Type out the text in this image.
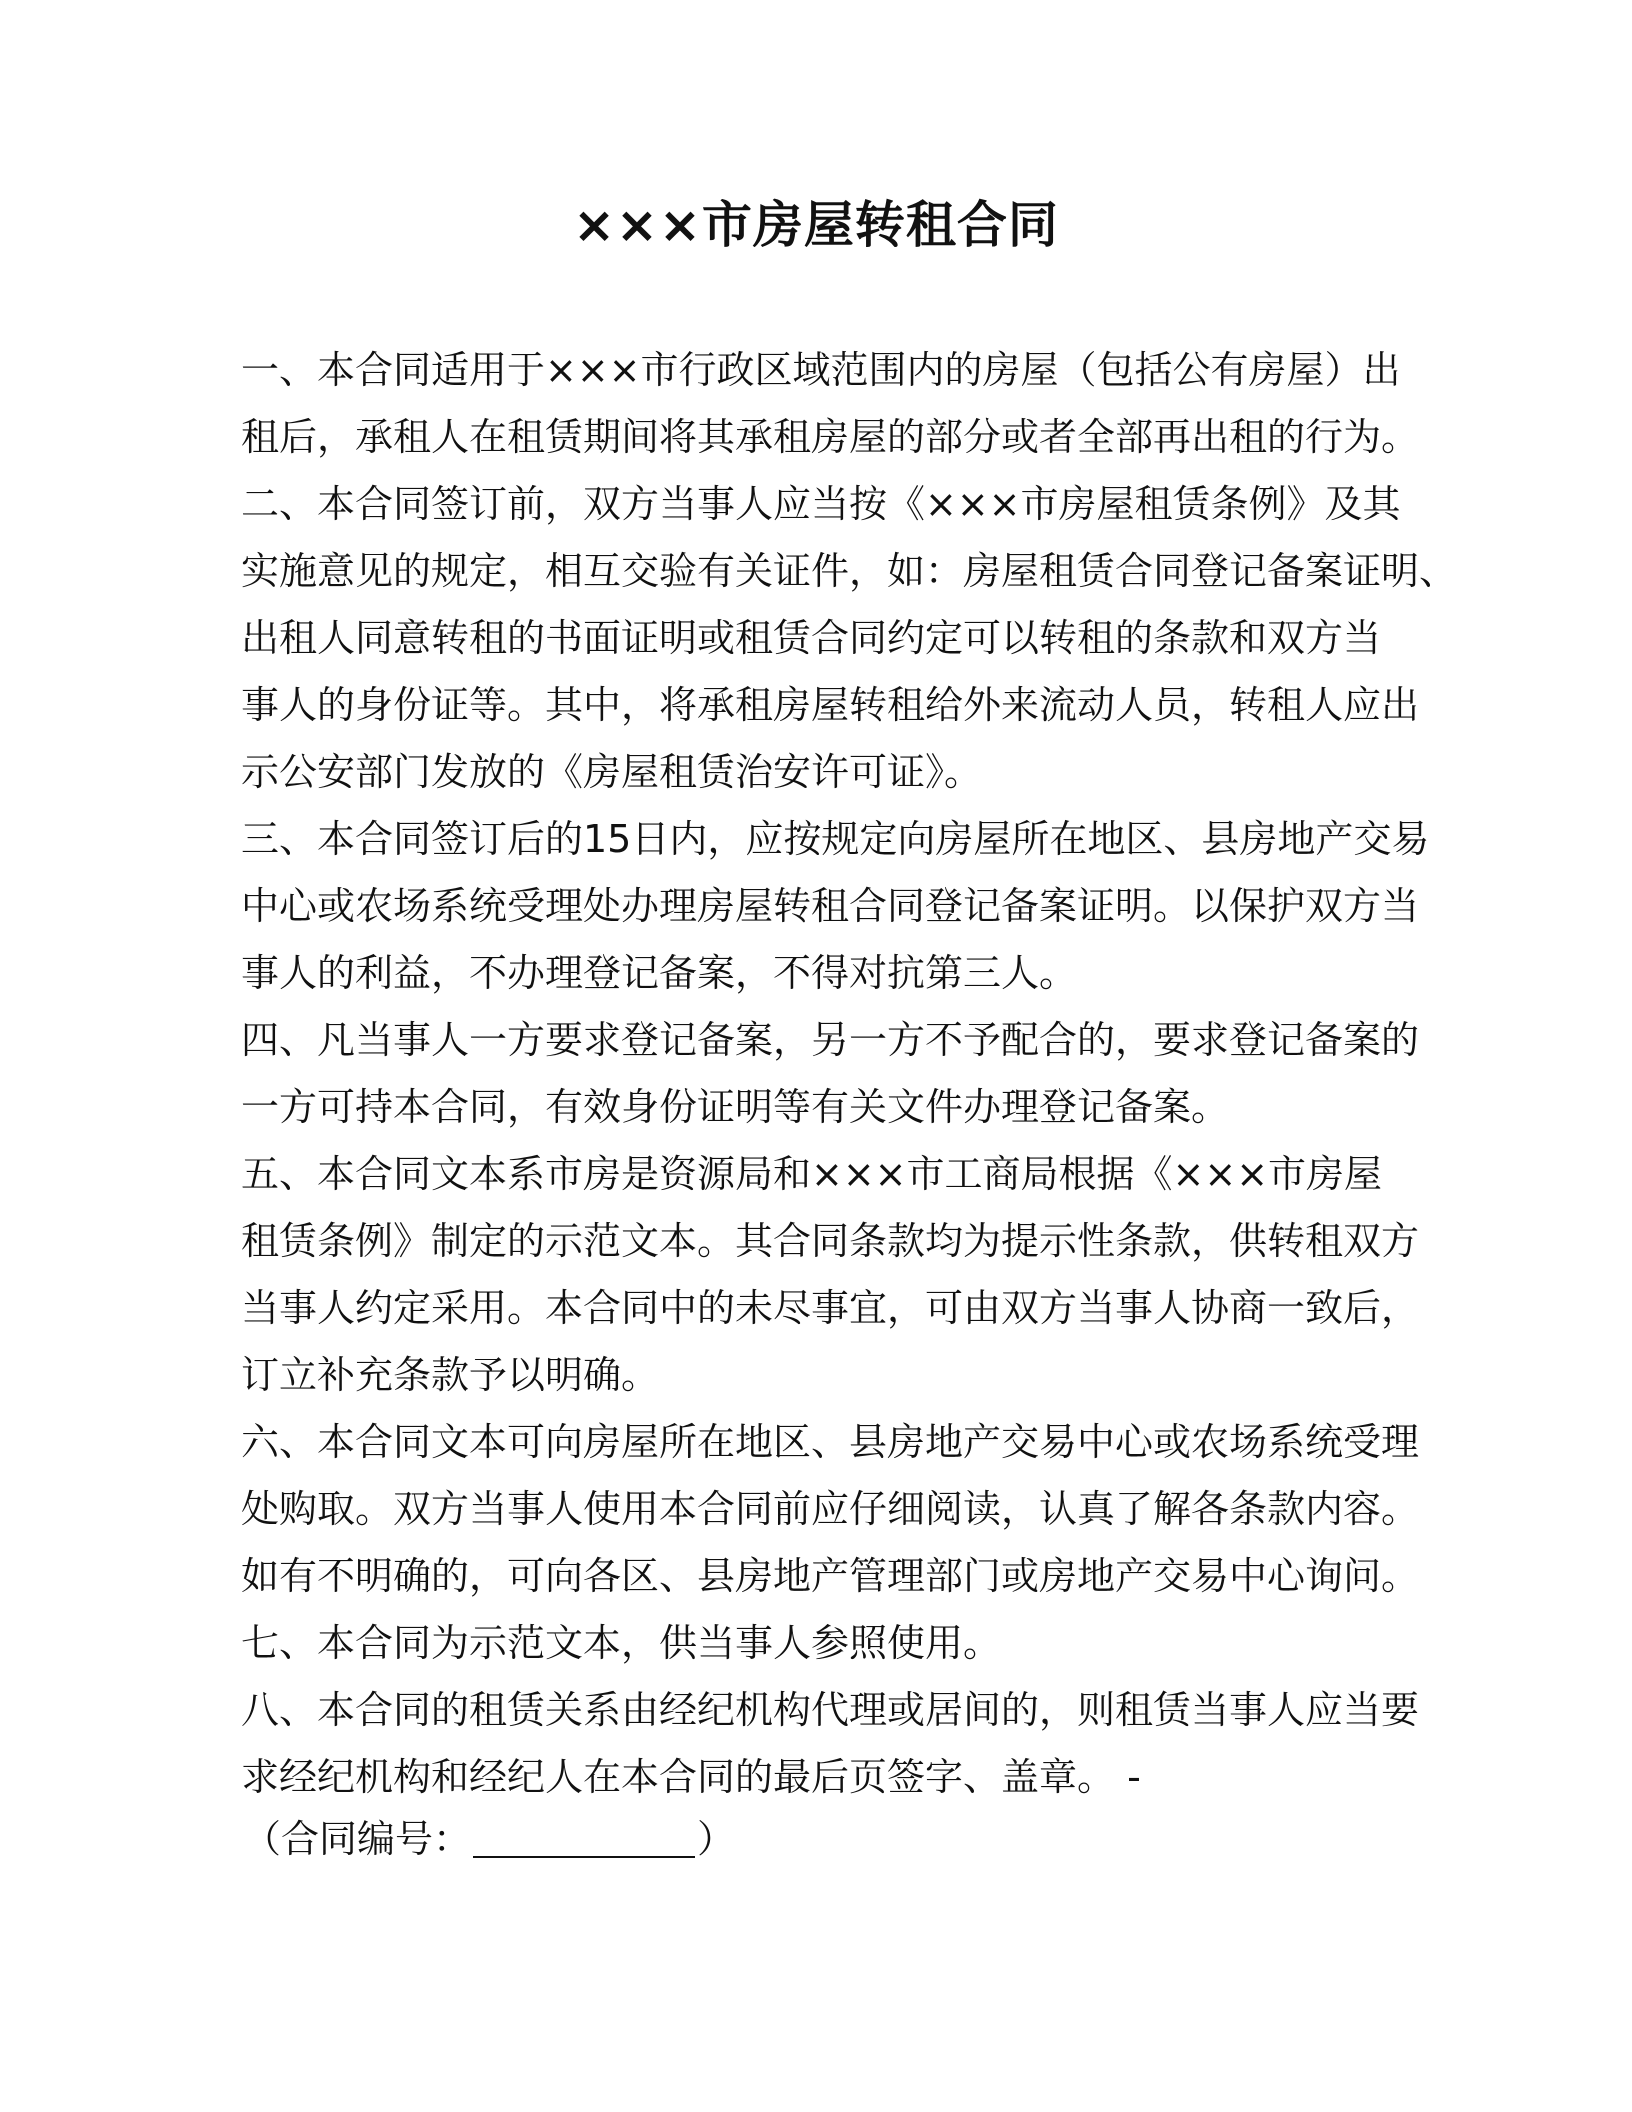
×××市房屋转租合同
一、本合同适用于×××市行政区域范围内的房屋（包括公有房屋）出
租后，承租人在租赁期间将其承租房屋的部分或者全部再出租的行为。
二、本合同签订前，双方当事人应当按《×××市房屋租赁条例》及其
实施意见的规定，相互交验有关证件，如：房屋租赁合同登记备案证明、
出租人同意转租的书面证明或租赁合同约定可以转租的条款和双方当
事人的身份证等。其中，将承租房屋转租给外来流动人员，转租人应出
示公安部门发放的《房屋租赁治安许可证》。
三、本合同签订后的15日内，应按规定向房屋所在地区、县房地产交易
中心或农场系统受理处办理房屋转租合同登记备案证明。以保护双方当
事人的利益，不办理登记备案，不得对抗第三人。
四、凡当事人一方要求登记备案，另一方不予配合的，要求登记备案的
一方可持本合同，有效身份证明等有关文件办理登记备案。
五、本合同文本系市房是资源局和×××市工商局根据《×××市房屋
租赁条例》制定的示范文本。其合同条款均为提示性条款，供转租双方
当事人约定采用。本合同中的未尽事宜，可由双方当事人协商一致后，
订立补充条款予以明确。
六、本合同文本可向房屋所在地区、县房地产交易中心或农场系统受理
处购取。双方当事人使用本合同前应仔细阅读，认真了解各条款内容。
如有不明确的，可向各区、县房地产管理部门或房地产交易中心询问。
七、本合同为示范文本，供当事人参照使用。
八、本合同的租赁关系由经纪机构代理或居间的，则租赁当事人应当要
求经纪机构和经纪人在本合同的最后页签字、盖章。 -
（合同编号：	）
